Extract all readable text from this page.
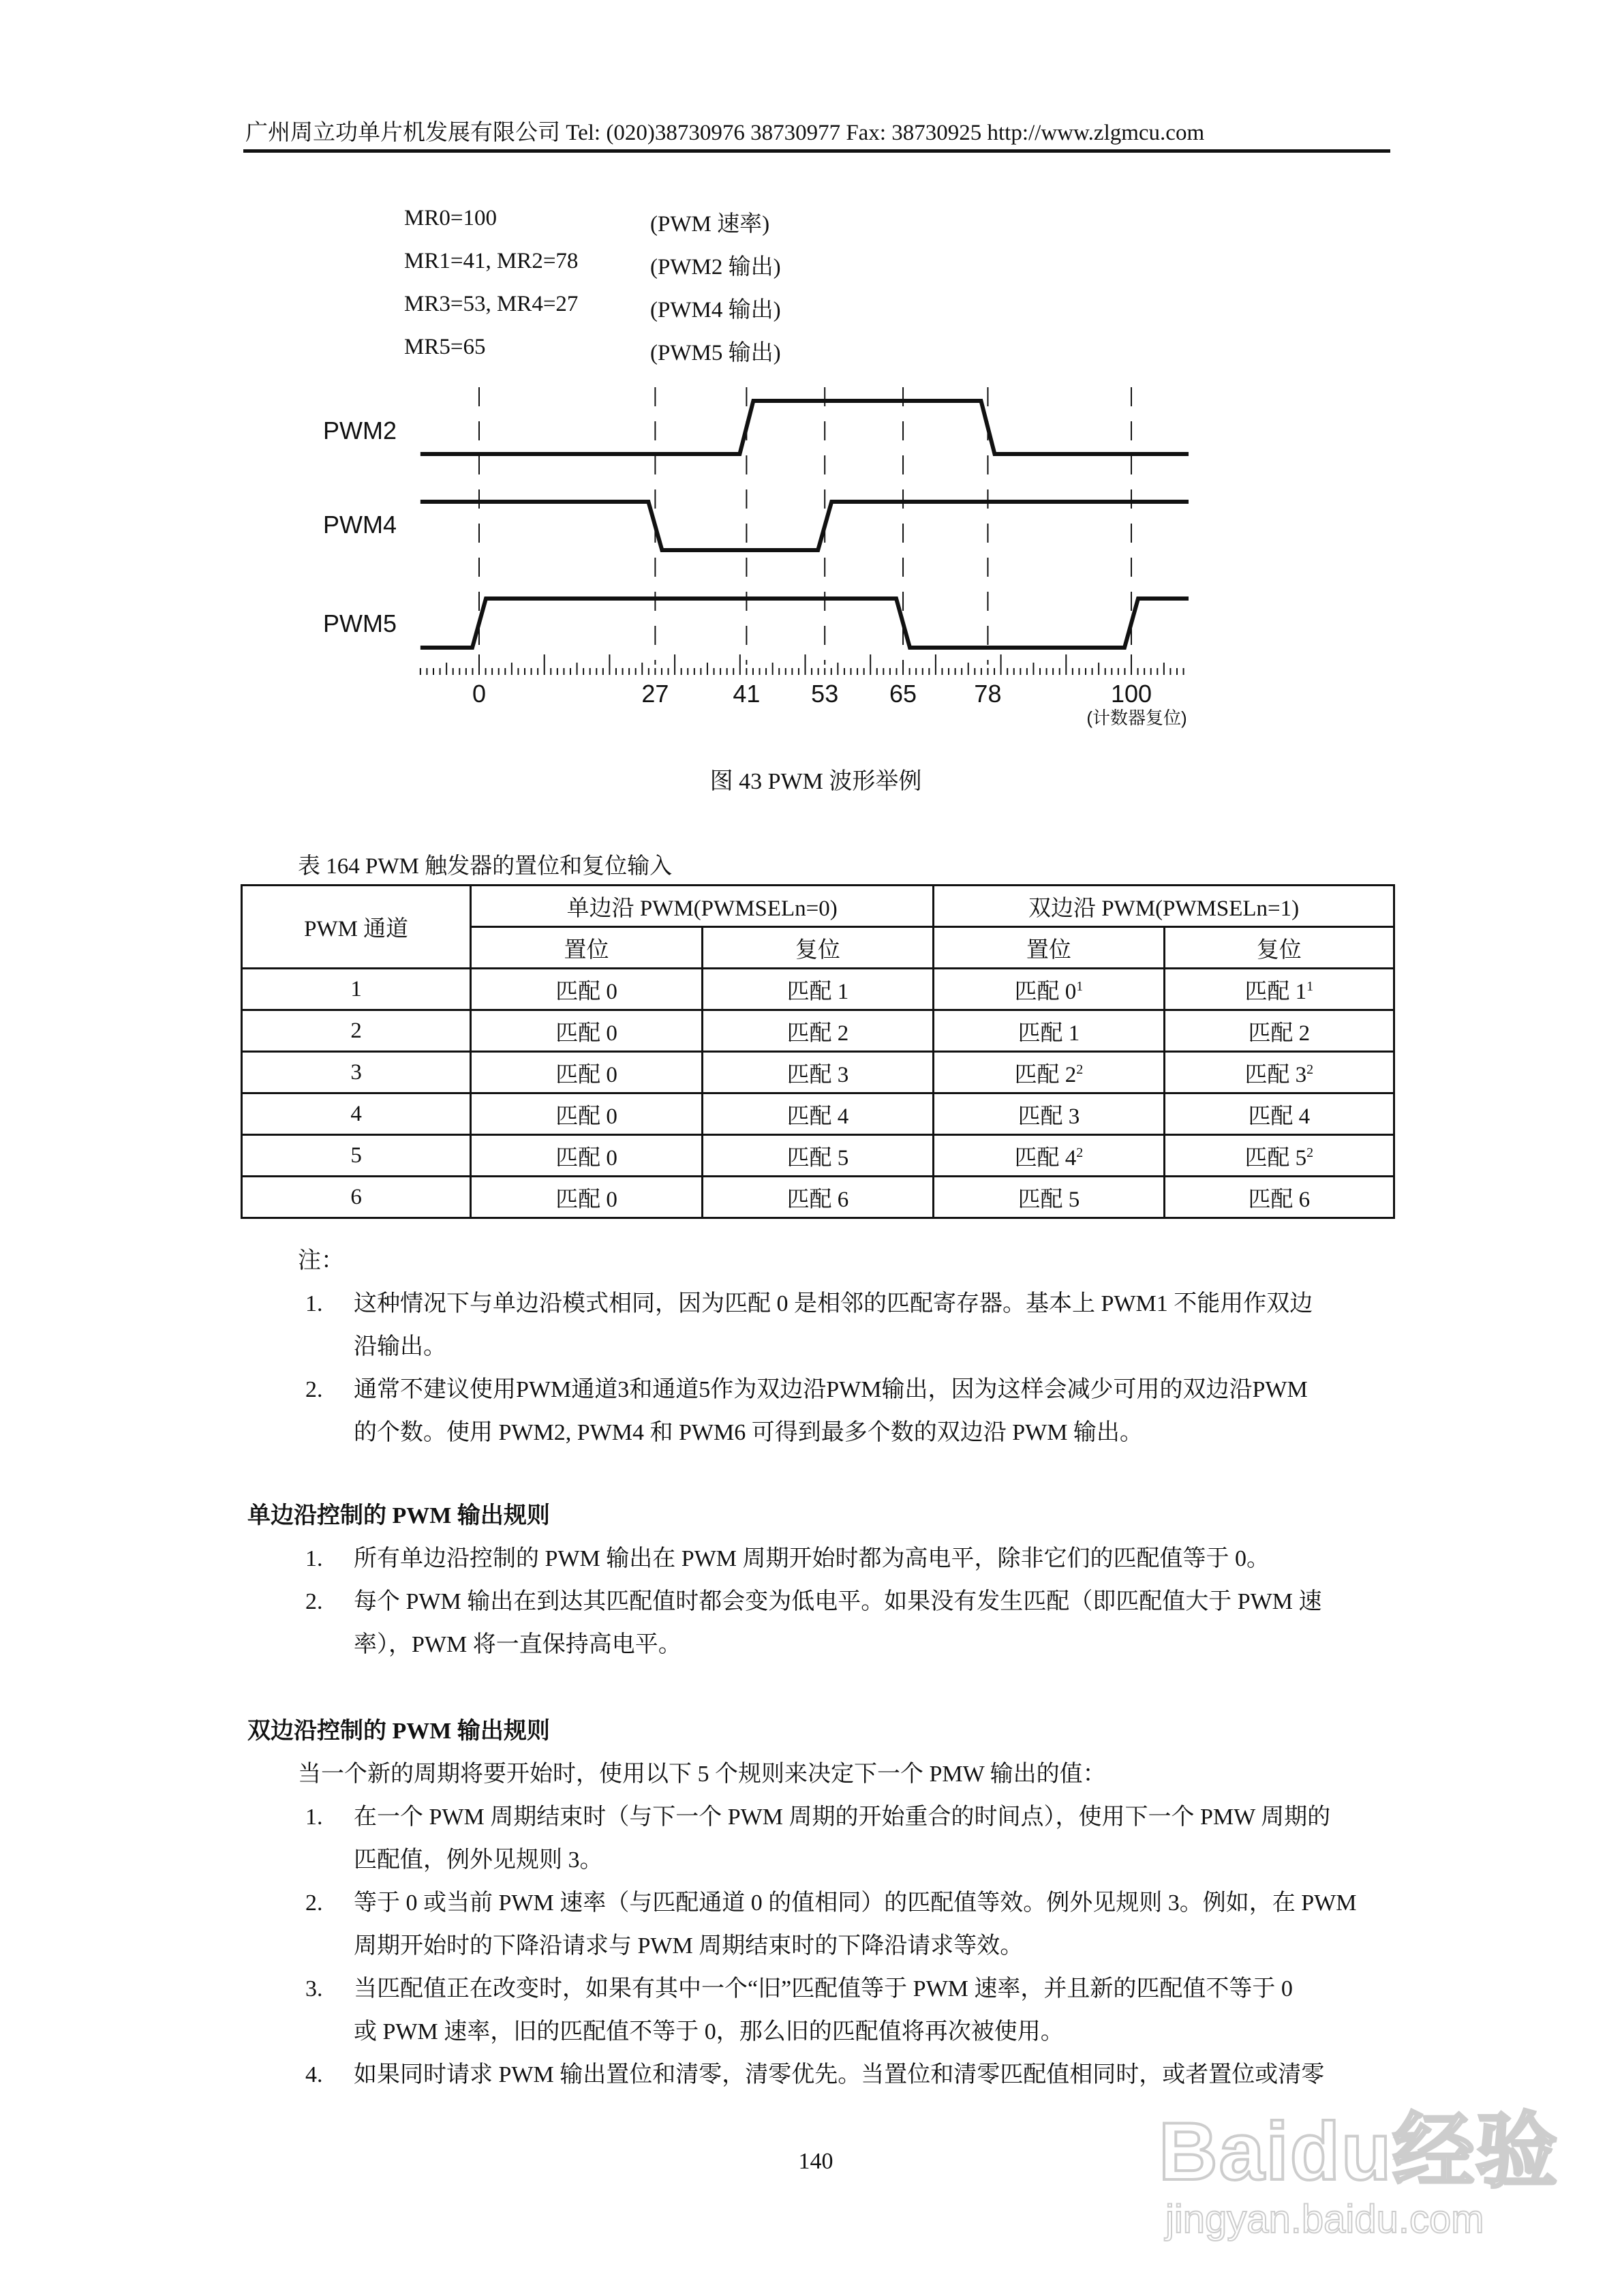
广州周立功单片机发展有限公司 Tel: (020)38730976 38730977 Fax: 38730925 http://www.zlgmcu.com
MR0=100	(PWM 速率)
MR1=41, MR2=78	(PWM2 输出)
MR3=53, MR4=27	(PWM4 输出)
MR5=65	(PWM5 输出)
PWM2
PWM4
PWM5
0	27	41 53 65 78	100
(计数器复位)
图 43 PWM 波形举例
表 164 PWM 触发器的置位和复位输入
PWM 通道	单边沿 PWM(PWMSELn=0)		双边沿 PWM(PWMSELn=1)	
	置位	复位	置位	复位
1	匹配 0	匹配 1	匹配 $0^1$	匹配 $1^1$
2	匹配 0	匹配 2	匹配 1	匹配 2
3	匹配 0	匹配 3	匹配 $2^2$	匹配 $3^2$
4	匹配 0	匹配 4	匹配 3	匹配 4
5	匹配 0	匹配 5	匹配 $4^2$	匹配 $5^2$
6	匹配 0	匹配 6	匹配 5	匹配 6
注：
1. 这种情况下与单边沿模式相同，因为匹配 0 是相邻的匹配寄存器。基本上 PWM1 不能用作双边
沿输出。
2. 通常不建议使用PWM通道3和通道5作为双边沿PWM输出，因为这样会减少可用的双边沿PWM
的个数。使用 PWM2, PWM4 和 PWM6 可得到最多个数的双边沿 PWM 输出。
单边沿控制的 PWM 输出规则
1. 所有单边沿控制的 PWM 输出在 PWM 周期开始时都为高电平，除非它们的匹配值等于 0。
2. 每个 PWM 输出在到达其匹配值时都会变为低电平。如果没有发生匹配（即匹配值大于 PWM 速
率），PWM 将一直保持高电平。
双边沿控制的 PWM 输出规则
当一个新的周期将要开始时，使用以下 5 个规则来决定下一个 PMW 输出的值：
1. 在一个 PWM 周期结束时（与下一个 PWM 周期的开始重合的时间点），使用下一个 PMW 周期的
匹配值，例外见规则 3。
2. 等于 0 或当前 PWM 速率（与匹配通道 0 的值相同）的匹配值等效。例外见规则 3。例如，在 PWM
周期开始时的下降沿请求与 PWM 周期结束时的下降沿请求等效。
3. 当匹配值正在改变时，如果有其中一个“旧”匹配值等于 PWM 速率，并且新的匹配值不等于 0
或 PWM 速率，旧的匹配值不等于 0，那么旧的匹配值将再次被使用。
4. 如果同时请求 PWM 输出置位和清零，清零优先。当置位和清零匹配值相同时，或者置位或清零
140	Baidu经验
jingyan.baidu.com
